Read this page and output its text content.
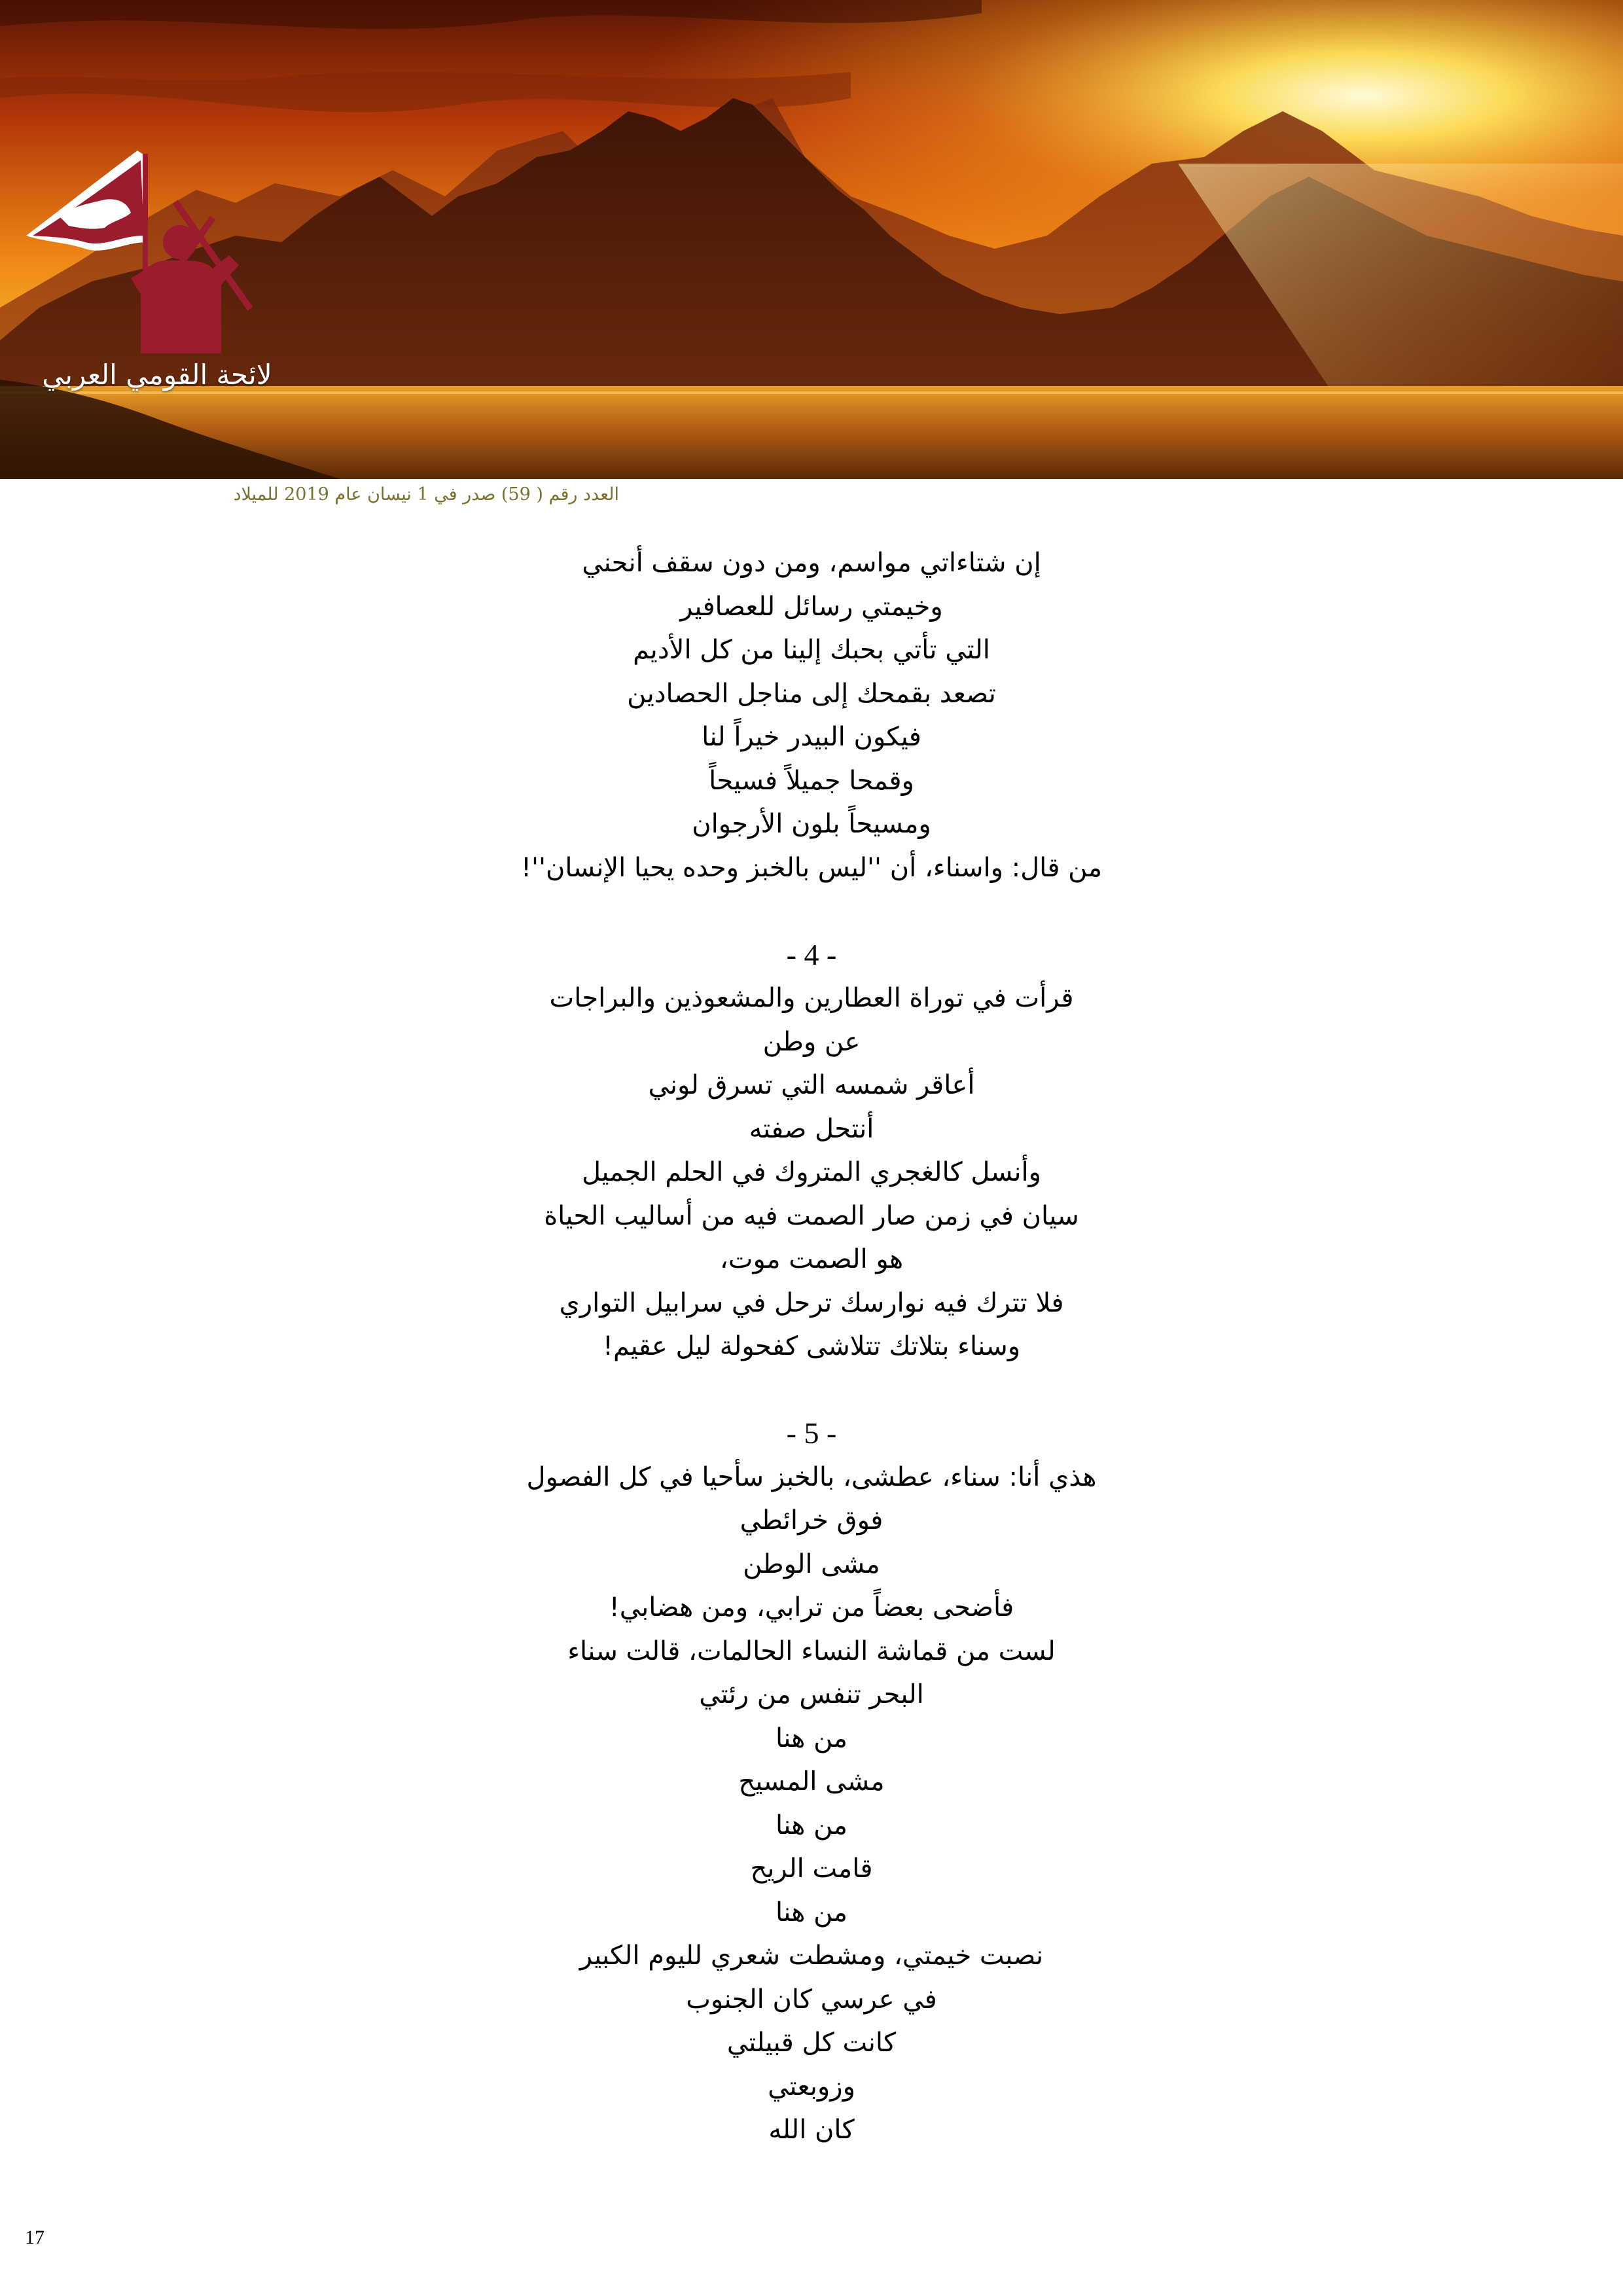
لائحة القومي العربي
العدد رقم ( 59) صدر في 1 نيسان عام 2019 للميلاد
إن شتاءاتي مواسم، ومن دون سقف أنحني
وخيمتي رسائل للعصافير
التي تأتي بحبك إلينا من كل الأديم
تصعد بقمحك إلى مناجل الحصادين
فيكون البيدر خيراً لنا
وقمحا جميلاً فسيحاً
ومسيحاً بلون الأرجوان
من قال: واسناء، أن ''ليس بالخبز وحده يحيا الإنسان''!
- 4 -
قرأت في توراة العطارين والمشعوذين والبراجات
عن وطن
أعاقر شمسه التي تسرق لوني
أنتحل صفته
وأنسل كالغجري المتروك في الحلم الجميل
سيان في زمن صار الصمت فيه من أساليب الحياة
هو الصمت موت،
فلا تترك فيه نوارسك ترحل في سرابيل التواري
وسناء بتلاتك تتلاشى كفحولة ليل عقيم!
- 5 -
هذي أنا: سناء، عطشى، بالخبز سأحيا في كل الفصول
فوق خرائطي
مشى الوطن
فأضحى بعضاً من ترابي، ومن هضابي!
لست من قماشة النساء الحالمات، قالت سناء
البحر تنفس من رئتي
من هنا
مشى المسيح
من هنا
قامت الريح
من هنا
نصبت خيمتي، ومشطت شعري لليوم الكبير
في عرسي كان الجنوب
كانت كل قبيلتي
وزوبعتي
كان الله
17
